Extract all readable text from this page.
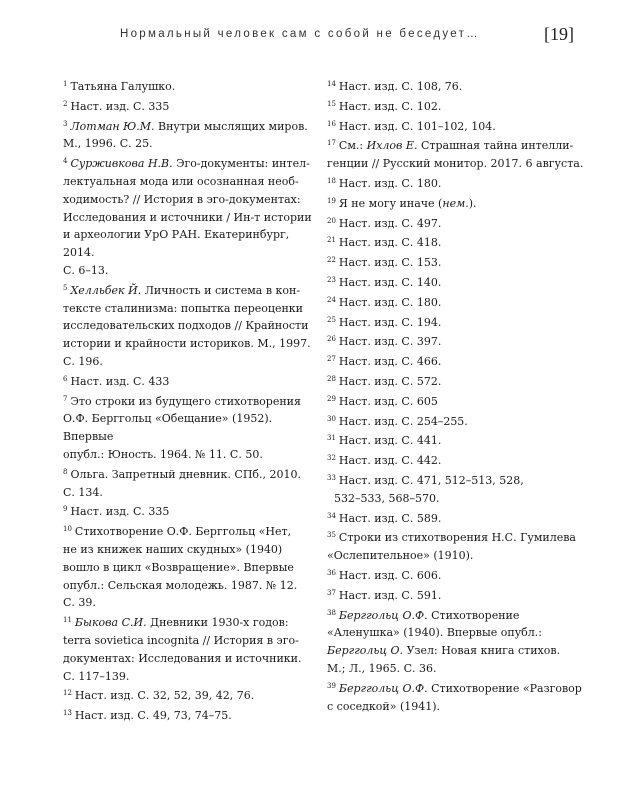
Нормальный человек сам с собой не беседует…	[19]

$^1$ Татьяна Галушко.

$^2$ Наст. изд. С. 335

$^3$ Лотман Ю.М. Внутри мыслящих миров.
М., 1996. С. 25.

$^4$ Сурживкова Н.В. Эго-документы: интел-
лектуальная мода или осознанная необ-
ходимость? // История в эго-документах:
Исследования и источники / Ин-т истории
и археологии УрО РАН. Екатеринбург, 2014.
С. 6–13.

$^5$ Хелльбек Й. Личность и система в кон-
тексте сталинизма: попытка переоценки
исследовательских подходов // Крайности
истории и крайности историков. М., 1997.
С. 196.

$^6$ Наст. изд. С. 433

$^7$ Это строки из будущего стихотворения
О.Ф. Берггольц «Обещание» (1952). Впервые
опубл.: Юность. 1964. № 11. С. 50.

$^8$ Ольга. Запретный дневник. СПб., 2010.
С. 134.

$^9$ Наст. изд. С. 335

$^{10}$ Стихотворение О.Ф. Берггольц «Нет,
не из книжек наших скудных» (1940)
вошло в цикл «Возвращение». Впервые
опубл.: Сельская молодежь. 1987. № 12.
С. 39.

$^{11}$ Быкова С.И. Дневники 1930-х годов:
terra sovietica incognita // История в эго-
документах: Исследования и источники.
С. 117–139.

$^{12}$ Наст. изд. С. 32, 52, 39, 42, 76.

$^{13}$ Наст. изд. С. 49, 73, 74–75.

$^{14}$ Наст. изд. С. 108, 76.

$^{15}$ Наст. изд. С. 102.

$^{16}$ Наст. изд. С. 101–102, 104.

$^{17}$ См.: Ихлов Е. Страшная тайна интелли-
генции // Русский монитор. 2017. 6 августа.

$^{18}$ Наст. изд. С. 180.

$^{19}$ Я не могу иначе (нем.).

$^{20}$ Наст. изд. С. 497.

$^{21}$ Наст. изд. С. 418.

$^{22}$ Наст. изд. С. 153.

$^{23}$ Наст. изд. С. 140.

$^{24}$ Наст. изд. С. 180.

$^{25}$ Наст. изд. С. 194.

$^{26}$ Наст. изд. С. 397.

$^{27}$ Наст. изд. С. 466.

$^{28}$ Наст. изд. С. 572.

$^{29}$ Наст. изд. С. 605

$^{30}$ Наст. изд. С. 254–255.

$^{31}$ Наст. изд. С. 441.

$^{32}$ Наст. изд. С. 442.

$^{33}$ Наст. изд. С. 471, 512–513, 528,
532–533, 568–570.

$^{34}$ Наст. изд. С. 589.

$^{35}$ Строки из стихотворения Н.С. Гумилева
«Ослепительное» (1910).

$^{36}$ Наст. изд. С. 606.

$^{37}$ Наст. изд. С. 591.

$^{38}$ Берггольц О.Ф. Стихотворение
«Аленушка» (1940). Впервые опубл.:
Берггольц О. Узел: Новая книга стихов.
М.; Л., 1965. С. 36.

$^{39}$ Берггольц О.Ф. Стихотворение «Разговор
с соседкой» (1941).
